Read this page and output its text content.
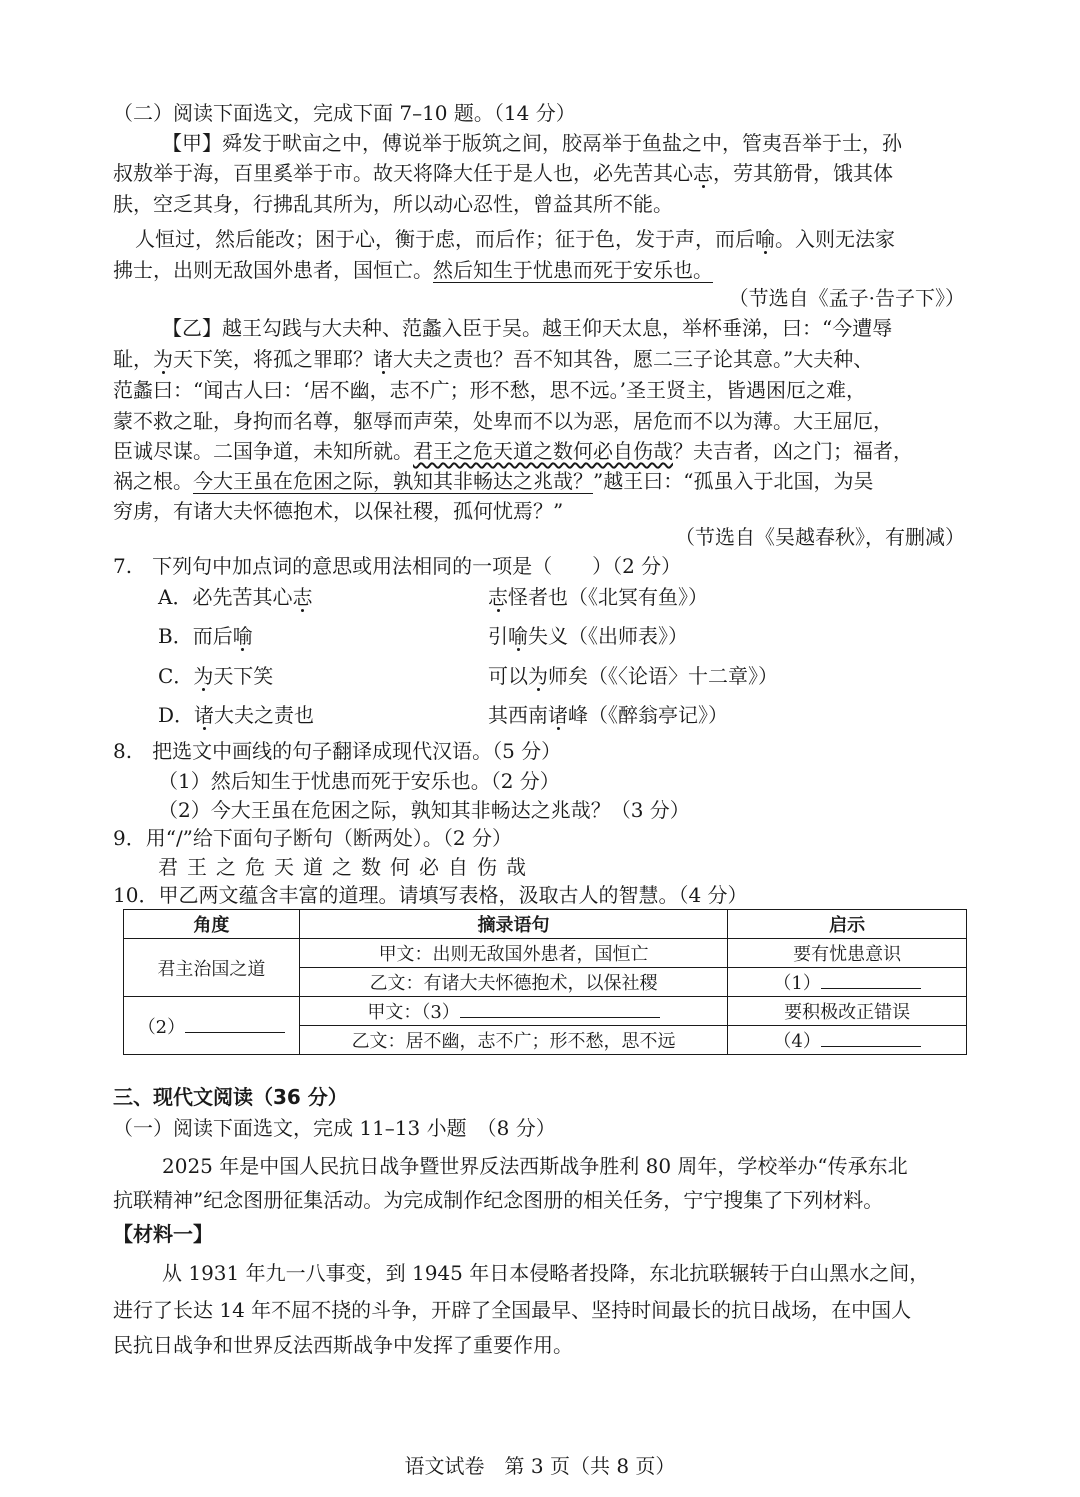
（二）阅读下面选文，完成下面 7–10 题。（14 分）
【甲】舜发于畎亩之中，傅说举于版筑之间，胶鬲举于鱼盐之中，管夷吾举于士，孙
叔敖举于海，百里奚举于市。故天将降大任于是人也，必先苦其心志，劳其筋骨，饿其体
肤，空乏其身，行拂乱其所为，所以动心忍性，曾益其所不能。
人恒过，然后能改；困于心，衡于虑，而后作；征于色，发于声，而后喻。入则无法家
拂士，出则无敌国外患者，国恒亡。然后知生于忧患而死于安乐也。
（节选自《孟子·告子下》）
【乙】越王勾践与大夫种、范蠡入臣于吴。越王仰天太息，举杯垂涕，曰：“今遭辱
耻，为天下笑，将孤之罪耶？诸大夫之责也？吾不知其咎，愿二三子论其意。”大夫种、
范蠡曰：“闻古人曰：‘居不幽，志不广；形不愁，思不远。’圣王贤主，皆遇困厄之难，
蒙不救之耻，身拘而名尊，躯辱而声荣，处卑而不以为恶，居危而不以为薄。大王屈厄，
臣诚尽谋。二国争道，未知所就。君王之危天道之数何必自伤哉？夫吉者，凶之门；福者，
祸之根。今大王虽在危困之际，孰知其非畅达之兆哉？”越王曰：“孤虽入于北国，为吴
穷虏，有诸大夫怀德抱术，以保社稷，孤何忧焉？”
（节选自《吴越春秋》，有删减）
7.　下列句中加点词的意思或用法相同的一项是（　　）（2 分）
A．必先苦其心志	志怪者也（《北冥有鱼》）
B．而后喻	引喻失义（《出师表》）
C．为天下笑	可以为师矣（《〈论语〉十二章》）
D．诸大夫之责也	其西南诸峰（《醉翁亭记》）
8.　把选文中画线的句子翻译成现代汉语。（5 分）
（1）然后知生于忧患而死于安乐也。（2 分）
（2）今大王虽在危困之际，孰知其非畅达之兆哉？（3 分）
9．用“/”给下面句子断句（断两处）。（2 分）
君王之危天道之数何必自伤哉
10．甲乙两文蕴含丰富的道理。请填写表格，汲取古人的智慧。（4 分）
角度	摘录语句	启示
君主治国之道	甲文：出则无敌国外患者，国恒亡	要有忧患意识
	乙文：有诸大夫怀德抱术，以保社稷	（1）
（2）	甲文：（3）	要积极改正错误
	乙文：居不幽，志不广；形不愁，思不远	（4）
三、现代文阅读（36 分）
（一）阅读下面选文，完成 11–13 小题　（8 分）
2025 年是中国人民抗日战争暨世界反法西斯战争胜利 80 周年，学校举办“传承东北
抗联精神”纪念图册征集活动。为完成制作纪念图册的相关任务，宁宁搜集了下列材料。
【材料一】
从 1931 年九一八事变，到 1945 年日本侵略者投降，东北抗联辗转于白山黑水之间，
进行了长达 14 年不屈不挠的斗争，开辟了全国最早、坚持时间最长的抗日战场，在中国人
民抗日战争和世界反法西斯战争中发挥了重要作用。
语文试卷　第 3 页（共 8 页）
